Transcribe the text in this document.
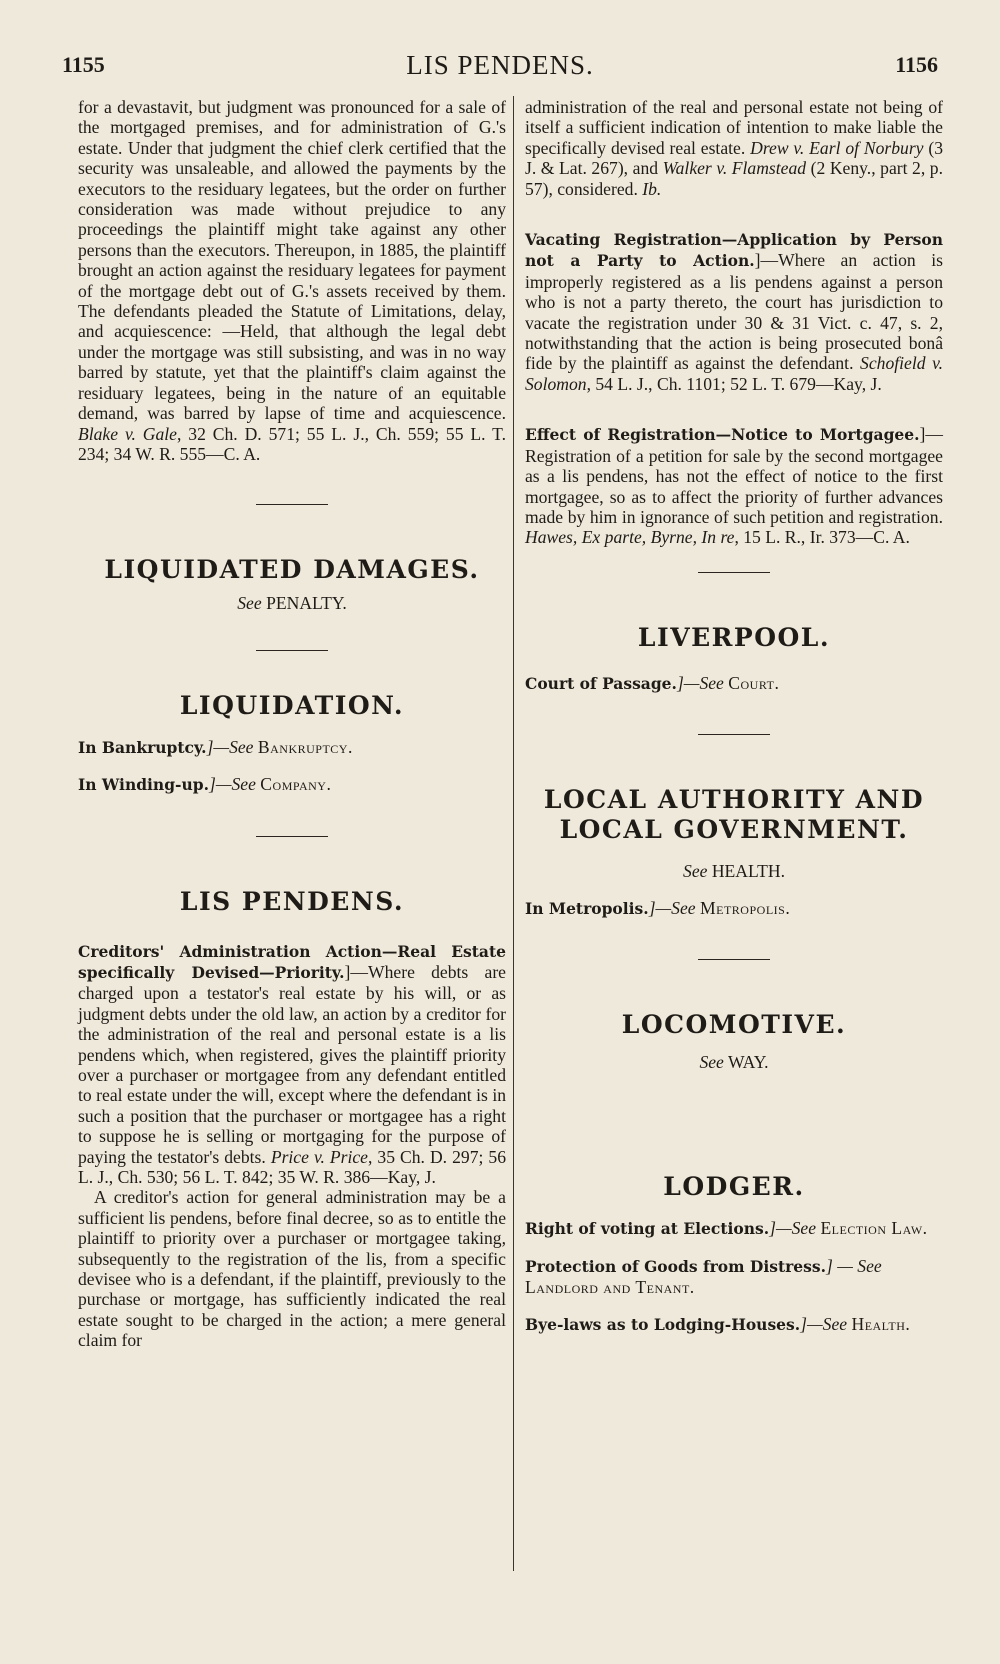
1155	LIS PENDENS.	1156

for a devastavit, but judgment was pronounced for a sale of the mortgaged premises, and for administration of G.'s estate. Under that judgment the chief clerk certified that the security was unsaleable, and allowed the payments by the executors to the residuary legatees, but the order on further consideration was made without prejudice to any proceedings the plaintiff might take against any other persons than the executors. Thereupon, in 1885, the plaintiff brought an action against the residuary legatees for payment of the mortgage debt out of G.'s assets received by them. The defendants pleaded the Statute of Limitations, delay, and acquiescence: —Held, that although the legal debt under the mortgage was still subsisting, and was in no way barred by statute, yet that the plaintiff's claim against the residuary legatees, being in the nature of an equitable demand, was barred by lapse of time and acquiescence. Blake v. Gale, 32 Ch. D. 571; 55 L. J., Ch. 559; 55 L. T. 234; 34 W. R. 555—C. A.

LIQUIDATED DAMAGES.

See PENALTY.

LIQUIDATION.

In Bankruptcy.]—See Bankruptcy.

In Winding-up.]—See Company.

LIS PENDENS.

Creditors' Administration Action—Real Estate specifically Devised—Priority.]—Where debts are charged upon a testator's real estate by his will, or as judgment debts under the old law, an action by a creditor for the administration of the real and personal estate is a lis pendens which, when registered, gives the plaintiff priority over a purchaser or mortgagee from any defendant entitled to real estate under the will, except where the defendant is in such a position that the purchaser or mortgagee has a right to suppose he is selling or mortgaging for the purpose of paying the testator's debts. Price v. Price, 35 Ch. D. 297; 56 L. J., Ch. 530; 56 L. T. 842; 35 W. R. 386—Kay, J.

A creditor's action for general administration may be a sufficient lis pendens, before final decree, so as to entitle the plaintiff to priority over a purchaser or mortgagee taking, subsequently to the registration of the lis, from a specific devisee who is a defendant, if the plaintiff, previously to the purchase or mortgage, has sufficiently indicated the real estate sought to be charged in the action; a mere general claim for

administration of the real and personal estate not being of itself a sufficient indication of intention to make liable the specifically devised real estate. Drew v. Earl of Norbury (3 J. & Lat. 267), and Walker v. Flamstead (2 Keny., part 2, p. 57), considered. Ib.

Vacating Registration—Application by Person not a Party to Action.]—Where an action is improperly registered as a lis pendens against a person who is not a party thereto, the court has jurisdiction to vacate the registration under 30 & 31 Vict. c. 47, s. 2, notwithstanding that the action is being prosecuted bonâ fide by the plaintiff as against the defendant. Schofield v. Solomon, 54 L. J., Ch. 1101; 52 L. T. 679—Kay, J.

Effect of Registration—Notice to Mortgagee.]—Registration of a petition for sale by the second mortgagee as a lis pendens, has not the effect of notice to the first mortgagee, so as to affect the priority of further advances made by him in ignorance of such petition and registration. Hawes, Ex parte, Byrne, In re, 15 L. R., Ir. 373—C. A.

LIVERPOOL.

Court of Passage.]—See Court.

LOCAL AUTHORITY AND
LOCAL GOVERNMENT.

See HEALTH.

In Metropolis.]—See Metropolis.

LOCOMOTIVE.

See WAY.

LODGER.

Right of voting at Elections.]—See Election Law.

Protection of Goods from Distress.] — See Landlord and Tenant.

Bye-laws as to Lodging-Houses.]—See Health.
